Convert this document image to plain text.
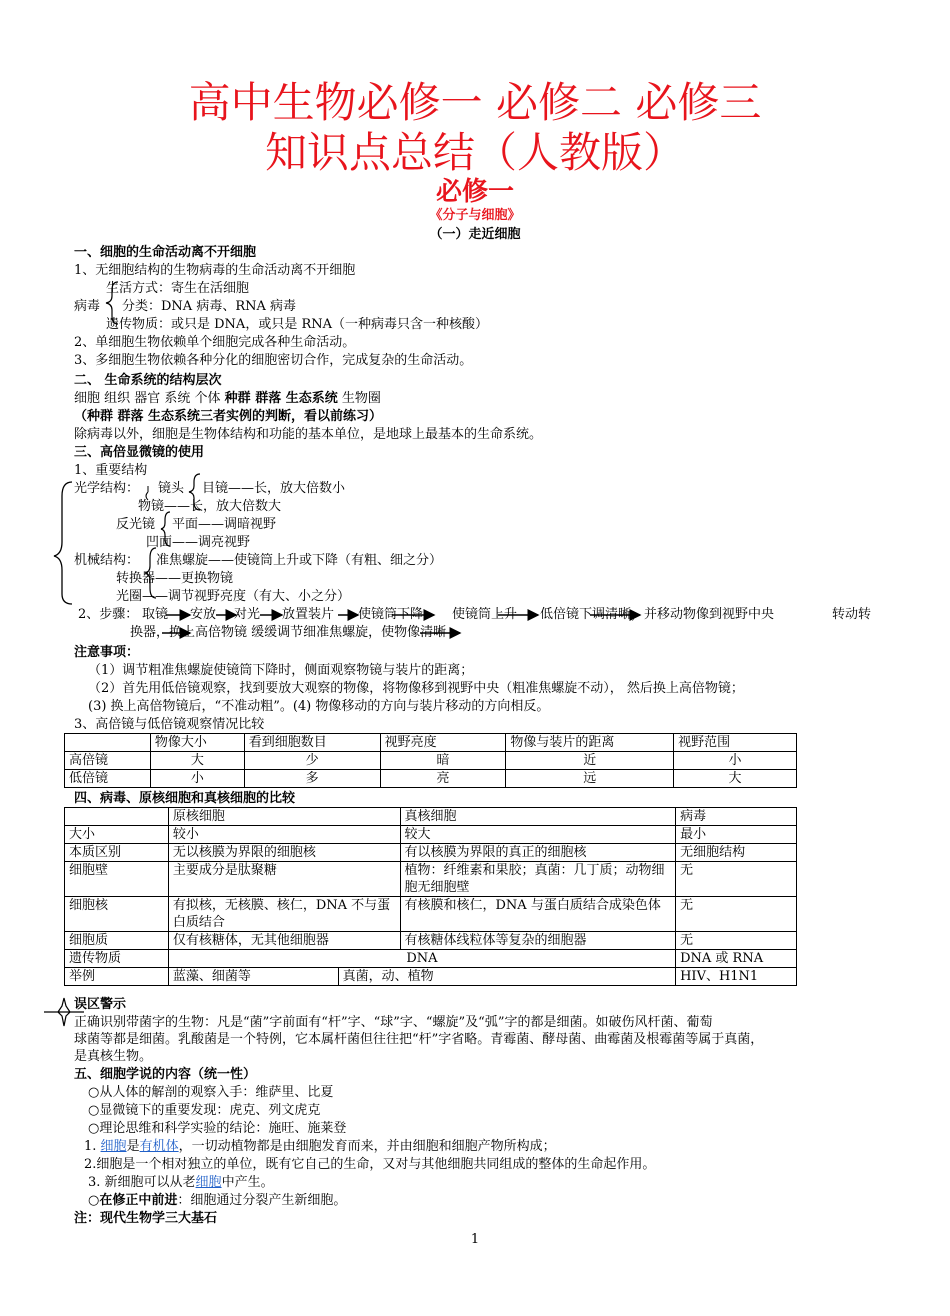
高中生物必修一 必修二 必修三
知识点总结（人教版）
必修一
《分子与细胞》
（一）走近细胞
一、细胞的生命活动离不开细胞
1、无细胞结构的生物病毒的生命活动离不开细胞
生活方式：寄生在活细胞
病毒 分类：DNA 病毒、RNA 病毒
遗传物质：或只是 DNA，或只是 RNA（一种病毒只含一种核酸）
2、单细胞生物依赖单个细胞完成各种生命活动。
3、多细胞生物依赖各种分化的细胞密切合作，完成复杂的生命活动。
二、 生命系统的结构层次
细胞 组织 器官 系统 个体 种群 群落 生态系统 生物圈
（种群 群落 生态系统三者实例的判断，看以前练习）
除病毒以外，细胞是生物体结构和功能的基本单位，是地球上最基本的生命系统。
三、高倍显微镜的使用
1、重要结构
光学结构： 镜头 目镜——长，放大倍数小
物镜——长，放大倍数大
反光镜 平面——调暗视野
凹面——调亮视野
机械结构： 准焦螺旋——使镜筒上升或下降（有粗、细之分）
转换器——更换物镜
光圈——调节视野亮度（有大、小之分）
2、步骤： 取镜 安放 对光 放置装片 使镜筒下降 使镜筒上升 低倍镜下调清晰，并移动物像到视野中央	转动转
换器，换上高倍物镜 缓缓调节细准焦螺旋，使物像清晰
注意事项：
（1）调节粗准焦螺旋使镜筒下降时，侧面观察物镜与装片的距离；
（2）首先用低倍镜观察，找到要放大观察的物像，将物像移到视野中央（粗准焦螺旋不动）， 然后换上高倍物镜；
(3) 换上高倍物镜后，“不准动粗”。(4) 物像移动的方向与装片移动的方向相反。
3、高倍镜与低倍镜观察情况比较
	物像大小	看到细胞数目	视野亮度	物像与装片的距离	视野范围
高倍镜	大	少	暗	近	小
低倍镜	小	多	亮	远	大
四、病毒、原核细胞和真核细胞的比较
	原核细胞		真核细胞	病毒
大小	较小		较大	最小
本质区别	无以核膜为界限的细胞核		有以核膜为界限的真正的细胞核	无细胞结构
细胞壁	主要成分是肽聚糖		植物：纤维素和果胶；真菌：几丁质；动物细胞无细胞壁	无
细胞核	有拟核，无核膜、核仁，DNA 不与蛋白质结合		有核膜和核仁，DNA 与蛋白质结合成染色体	无
细胞质	仅有核糖体，无其他细胞器		有核糖体线粒体等复杂的细胞器	无
遗传物质	DNA			DNA 或 RNA
举例	蓝藻、细菌等	真菌，动、植物		HIV、H1N1
误区警示
正确识别带菌字的生物：凡是“菌”字前面有“杆”字、“球”字、“螺旋”及“弧”字的都是细菌。如破伤风杆菌、葡萄
球菌等都是细菌。乳酸菌是一个特例，它本属杆菌但往往把“杆”字省略。青霉菌、酵母菌、曲霉菌及根霉菌等属于真菌，
是真核生物。
五、细胞学说的内容（统一性）
○从人体的解剖的观察入手：维萨里、比夏
○显微镜下的重要发现：虎克、列文虎克
○理论思维和科学实验的结论：施旺、施莱登
1. 细胞是有机体，一切动植物都是由细胞发育而来，并由细胞和细胞产物所构成；
2.细胞是一个相对独立的单位，既有它自己的生命，又对与其他细胞共同组成的整体的生命起作用。
3. 新细胞可以从老细胞中产生。
○在修正中前进：细胞通过分裂产生新细胞。
注：现代生物学三大基石
1
